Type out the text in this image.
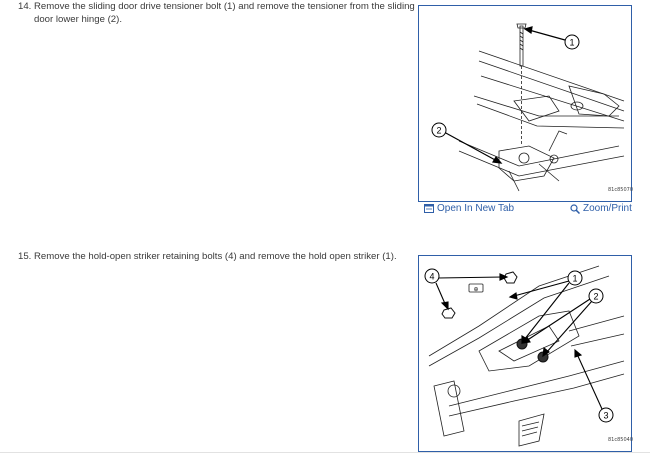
14. Remove the sliding door drive tensioner bolt (1) and remove the tensioner from the sliding
door lower hinge (2).
1
2
81c85070
Open In New Tab	Zoom/Print
15. Remove the hold-open striker retaining bolts (4) and remove the hold open striker (1).
⊕
4	1
2
3
81c85040
